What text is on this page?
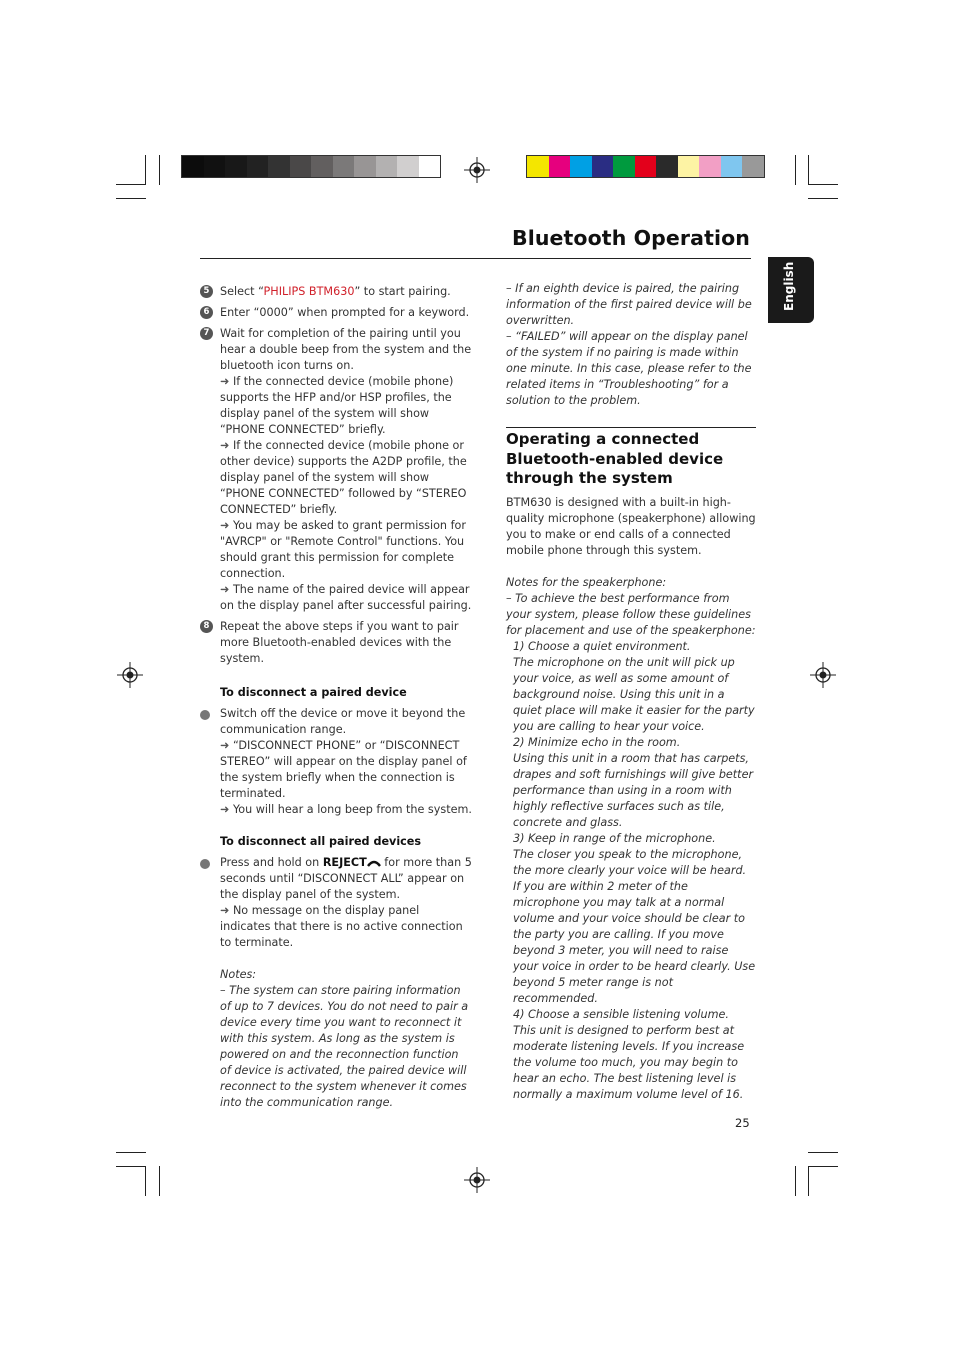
Bluetooth Operation
English
5 Select “PHILIPS BTM630” to start pairing.
6 Enter “0000” when prompted for a keyword.
7 Wait for completion of the pairing until you hear a double beep from the system and the bluetooth icon turns on.
➜ If the connected device (mobile phone) supports the HFP and/or HSP profiles, the display panel of the system will show “PHONE CONNECTED” briefly.
➜ If the connected device (mobile phone or other device) supports the A2DP profile, the display panel of the system will show “PHONE CONNECTED” followed by “STEREO CONNECTED” briefly.
➜ You may be asked to grant permission for "AVRCP" or "Remote Control" functions. You should grant this permission for complete connection.
➜ The name of the paired device will appear on the display panel after successful pairing.
8 Repeat the above steps if you want to pair more Bluetooth-enabled devices with the system.
To disconnect a paired device
Switch off the device or move it beyond the communication range.
➜ “DISCONNECT PHONE” or “DISCONNECT STEREO” will appear on the display panel of the system briefly when the connection is terminated.
➜ You will hear a long beep from the system.
To disconnect all paired devices
Press and hold on REJECT for more than 5 seconds until “DISCONNECT ALL” appear on the display panel of the system.
➜ No message on the display panel indicates that there is no active connection to terminate.
Notes:
– The system can store pairing information of up to 7 devices. You do not need to pair a device every time you want to reconnect it with this system. As long as the system is powered on and the reconnection function of device is activated, the paired device will reconnect to the system whenever it comes into the communication range.
– If an eighth device is paired, the pairing information of the first paired device will be overwritten.
– “FAILED” will appear on the display panel of the system if no pairing is made within one minute. In this case, please refer to the related items in “Troubleshooting” for a solution to the problem.
Operating a connected Bluetooth-enabled device through the system
BTM630 is designed with a built-in high-quality microphone (speakerphone) allowing you to make or end calls of a connected mobile phone through this system.
Notes for the speakerphone:
– To achieve the best performance from your system, please follow these guidelines for placement and use of the speakerphone:
1) Choose a quiet environment.
The microphone on the unit will pick up your voice, as well as some amount of background noise. Using this unit in a quiet place will make it easier for the party you are calling to hear your voice.
2) Minimize echo in the room.
Using this unit in a room that has carpets, drapes and soft furnishings will give better performance than using in a room with highly reflective surfaces such as tile, concrete and glass.
3) Keep in range of the microphone.
The closer you speak to the microphone, the more clearly your voice will be heard. If you are within 2 meter of the microphone you may talk at a normal volume and your voice should be clear to the party you are calling. If you move beyond 3 meter, you will need to raise your voice in order to be heard clearly. Use beyond 5 meter range is not recommended.
4) Choose a sensible listening volume.
This unit is designed to perform best at moderate listening levels. If you increase the volume too much, you may begin to hear an echo. The best listening level is normally a maximum volume level of 16.
25
